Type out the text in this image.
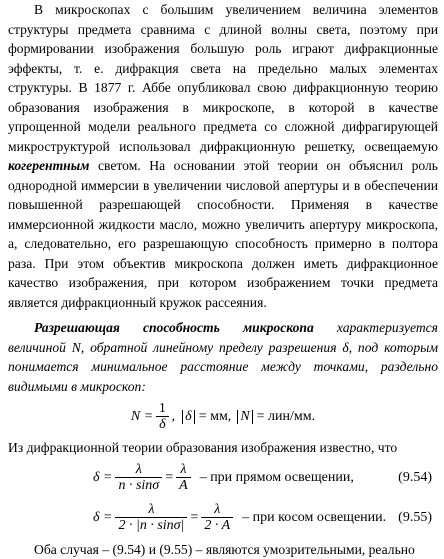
В микроскопах с большим увеличением величина элементов структуры предмета сравнима с длиной волны света, поэтому при формировании изображения большую роль играют дифракционные эффекты, т. е. дифракция света на предельно малых элементах структуры. В 1877 г. Аббе опубликовал свою дифракционную теорию образования изображения в микроскопе, в которой в качестве упрощенной модели реального предмета со сложной дифрагирующей микроструктурой использовал дифракционную решетку, освещаемую когерентным светом. На основании этой теории он объяснил роль однородной иммерсии в увеличении числовой апертуры и в обеспечении повышенной разрешающей способности. Применяя в качестве иммерсионной жидкости масло, можно увеличить апертуру микроскопа, а, следовательно, его разрешающую способность примерно в полтора раза. При этом объектив микроскопа должен иметь дифракционное качество изображения, при котором изображением точки предмета является дифракционный кружок рассеяния.

Разрешающая способность микроскопа характеризуется величиной N, обратной линейному пределу разрешения δ, под которым понимается минимальное расстояние между точками, раздельно видимыми в микроскоп:

$N = \frac{1}{\delta}$ , δ = мм, N = лин/мм.

Из дифракционной теории образования изображения известно, что

$\delta = \frac{\lambda}{n \cdot \sin\sigma} = \frac{\lambda}{A}$ – при прямом освещении,	(9.54)
$\delta = \frac{\lambda}{2 \cdot |n \cdot \sin\sigma|} = \frac{\lambda}{2 \cdot A}$ – при косом освещении. (9.55)

Оба случая – (9.54) и (9.55) – являются умозрительными, реально
